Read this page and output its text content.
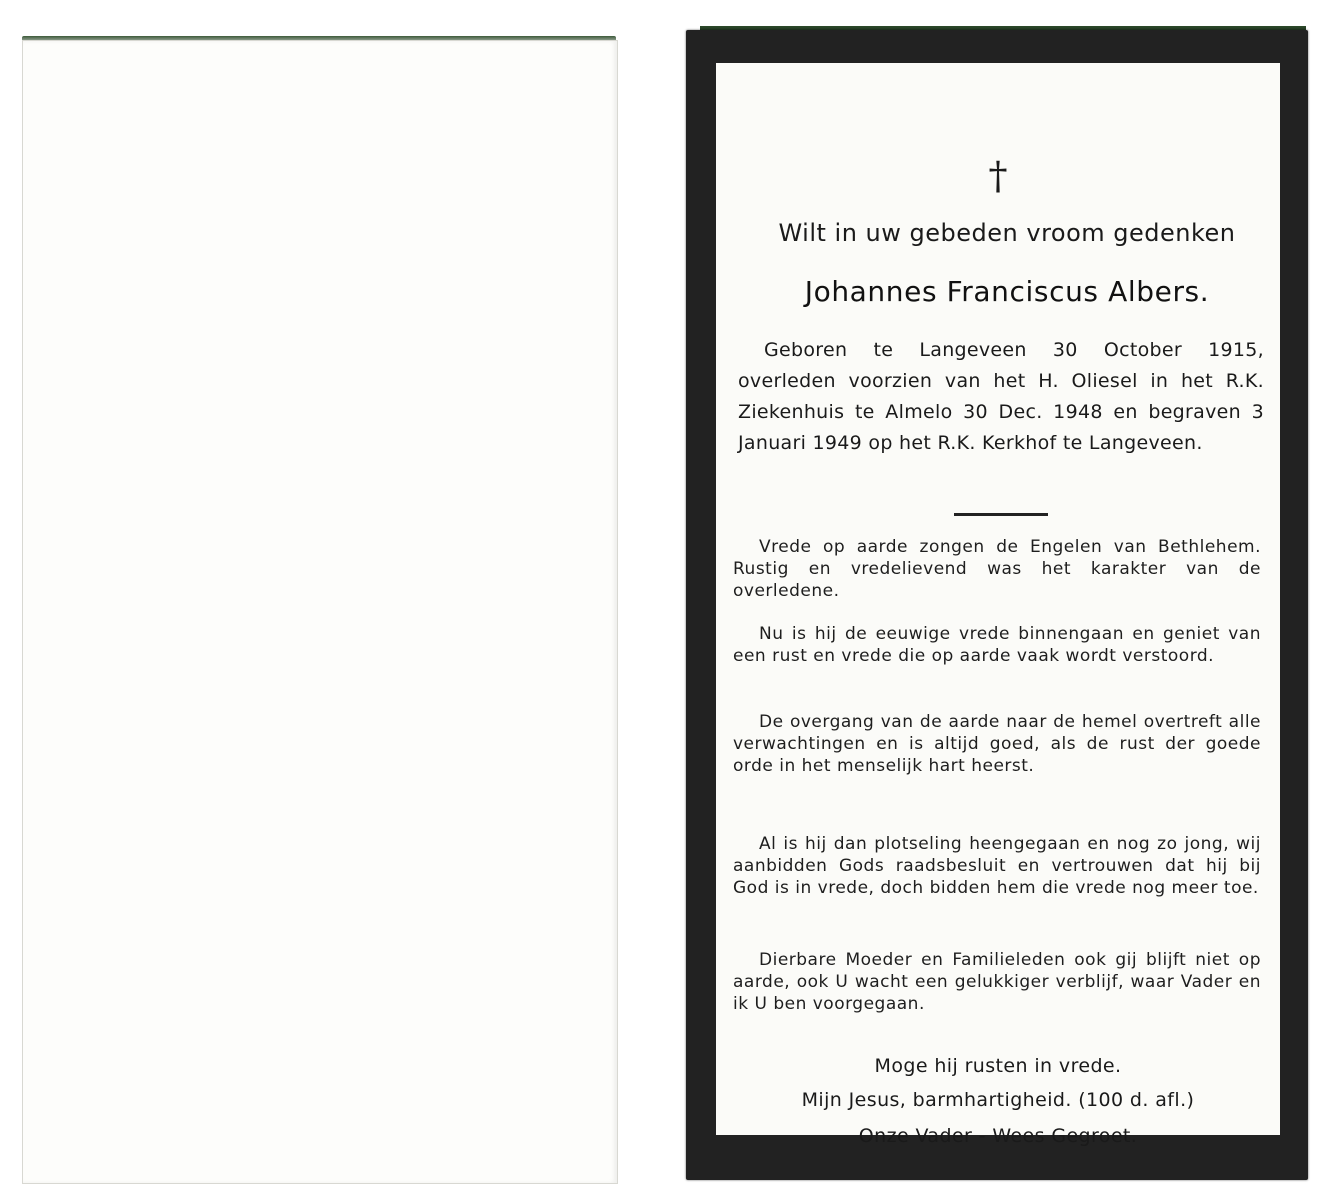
†
Wilt in uw gebeden vroom gedenken
Johannes Franciscus Albers.
Geboren te Langeveen 30 October 1915, overleden voorzien van het H. Oliesel in het R.K. Ziekenhuis te Almelo 30 Dec. 1948 en begraven 3 Januari 1949 op het R.K. Kerkhof te Langeveen.
Vrede op aarde zongen de Engelen van Bethlehem. Rustig en vredelievend was het karakter van de overledene.
Nu is hij de eeuwige vrede binnengaan en geniet van een rust en vrede die op aarde vaak wordt verstoord.
De overgang van de aarde naar de hemel overtreft alle verwachtingen en is altijd goed, als de rust der goede orde in het menselijk hart heerst.
Al is hij dan plotseling heengegaan en nog zo jong, wij aanbidden Gods raadsbesluit en vertrouwen dat hij bij God is in vrede, doch bidden hem die vrede nog meer toe.
Dierbare Moeder en Familieleden ook gij blijft niet op aarde, ook U wacht een gelukkiger verblijf, waar Vader en ik U ben voorgegaan.
Moge hij rusten in vrede.
Mijn Jesus, barmhartigheid. (100 d. afl.)
Onze Vader - Wees Gegroet.
